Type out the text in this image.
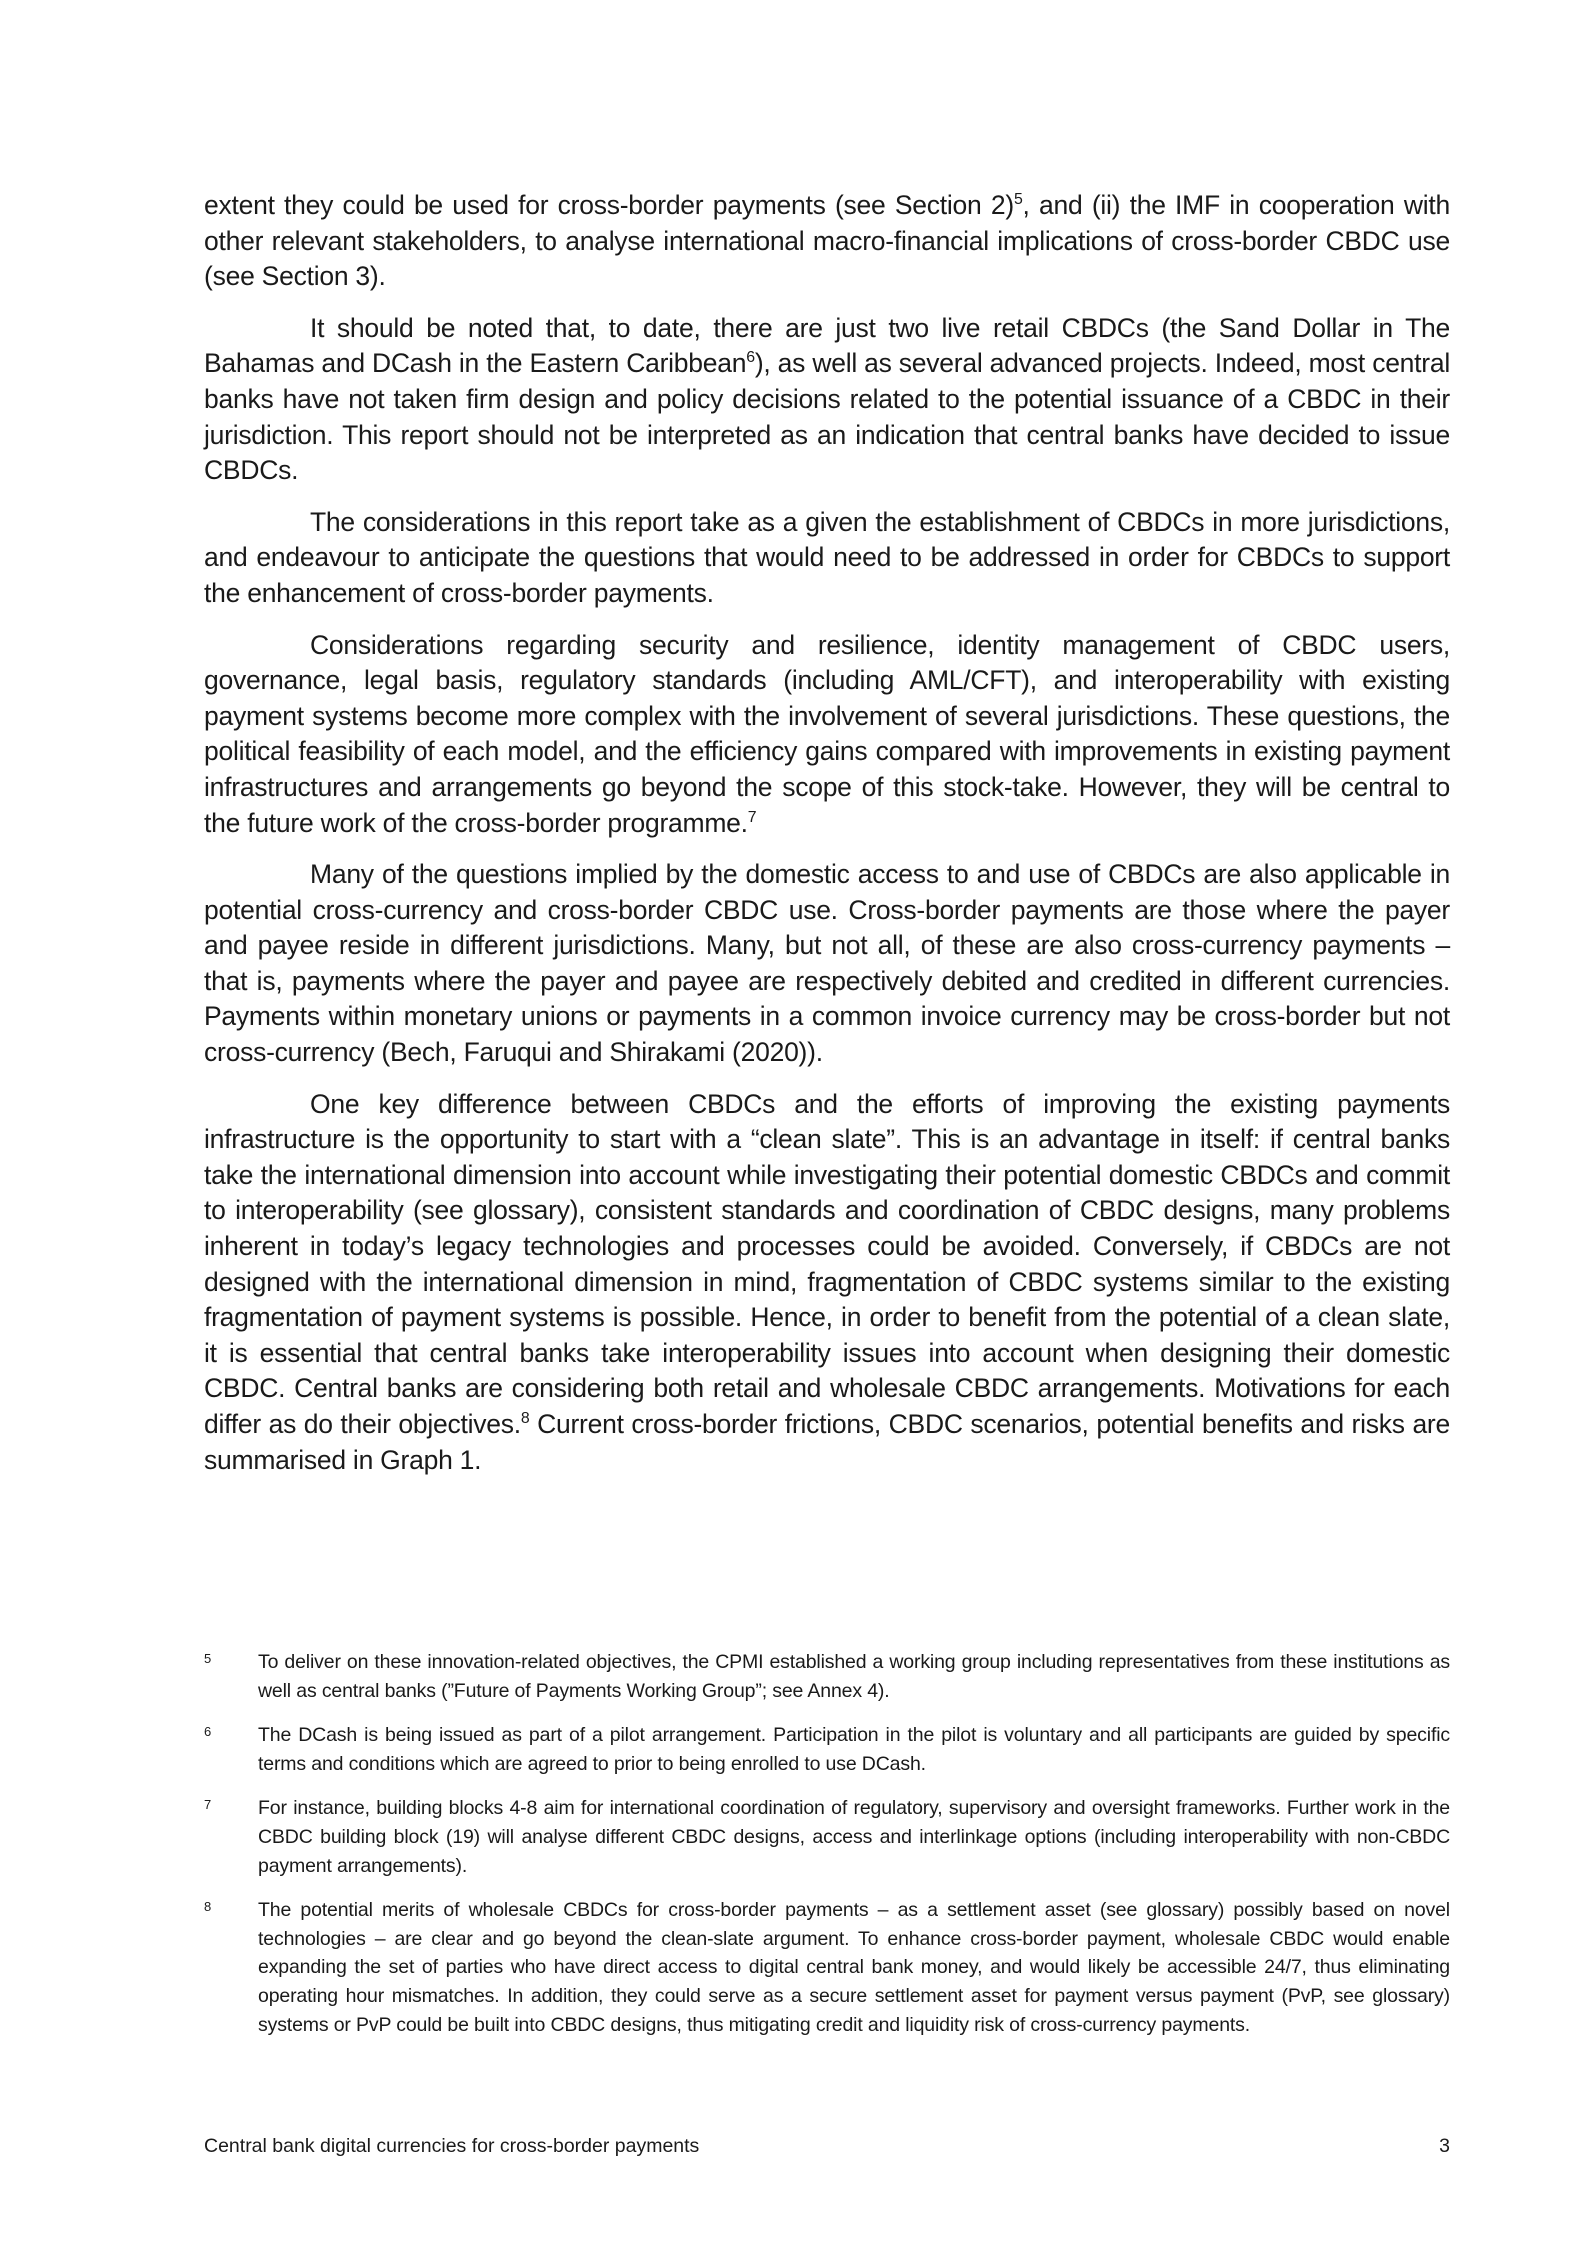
extent they could be used for cross-border payments (see Section 2)$^5$, and (ii) the IMF in cooperation with other relevant stakeholders, to analyse international macro-financial implications of cross-border CBDC use (see Section 3).

It should be noted that, to date, there are just two live retail CBDCs (the Sand Dollar in The Bahamas and DCash in the Eastern Caribbean$^6$), as well as several advanced projects. Indeed, most central banks have not taken firm design and policy decisions related to the potential issuance of a CBDC in their jurisdiction. This report should not be interpreted as an indication that central banks have decided to issue CBDCs.

The considerations in this report take as a given the establishment of CBDCs in more jurisdictions, and endeavour to anticipate the questions that would need to be addressed in order for CBDCs to support the enhancement of cross-border payments.

Considerations regarding security and resilience, identity management of CBDC users, governance, legal basis, regulatory standards (including AML/CFT), and interoperability with existing payment systems become more complex with the involvement of several jurisdictions. These questions, the political feasibility of each model, and the efficiency gains compared with improvements in existing payment infrastructures and arrangements go beyond the scope of this stock-take. However, they will be central to the future work of the cross-border programme.$^7$

Many of the questions implied by the domestic access to and use of CBDCs are also applicable in potential cross-currency and cross-border CBDC use. Cross-border payments are those where the payer and payee reside in different jurisdictions. Many, but not all, of these are also cross-currency payments – that is, payments where the payer and payee are respectively debited and credited in different currencies. Payments within monetary unions or payments in a common invoice currency may be cross-border but not cross-currency (Bech, Faruqui and Shirakami (2020)).

One key difference between CBDCs and the efforts of improving the existing payments infrastructure is the opportunity to start with a “clean slate”. This is an advantage in itself: if central banks take the international dimension into account while investigating their potential domestic CBDCs and commit to interoperability (see glossary), consistent standards and coordination of CBDC designs, many problems inherent in today’s legacy technologies and processes could be avoided. Conversely, if CBDCs are not designed with the international dimension in mind, fragmentation of CBDC systems similar to the existing fragmentation of payment systems is possible. Hence, in order to benefit from the potential of a clean slate, it is essential that central banks take interoperability issues into account when designing their domestic CBDC. Central banks are considering both retail and wholesale CBDC arrangements. Motivations for each differ as do their objectives.$^8$ Current cross-border frictions, CBDC scenarios, potential benefits and risks are summarised in Graph 1.

5	To deliver on these innovation-related objectives, the CPMI established a working group including representatives from these institutions as well as central banks (”Future of Payments Working Group”; see Annex 4).
6	The DCash is being issued as part of a pilot arrangement. Participation in the pilot is voluntary and all participants are guided by specific terms and conditions which are agreed to prior to being enrolled to use DCash.
7	For instance, building blocks 4-8 aim for international coordination of regulatory, supervisory and oversight frameworks. Further work in the CBDC building block (19) will analyse different CBDC designs, access and interlinkage options (including interoperability with non-CBDC payment arrangements).
8	The potential merits of wholesale CBDCs for cross-border payments – as a settlement asset (see glossary) possibly based on novel technologies – are clear and go beyond the clean-slate argument. To enhance cross-border payment, wholesale CBDC would enable expanding the set of parties who have direct access to digital central bank money, and would likely be accessible 24/7, thus eliminating operating hour mismatches. In addition, they could serve as a secure settlement asset for payment versus payment (PvP, see glossary) systems or PvP could be built into CBDC designs, thus mitigating credit and liquidity risk of cross-currency payments.
Central bank digital currencies for cross-border payments	3
